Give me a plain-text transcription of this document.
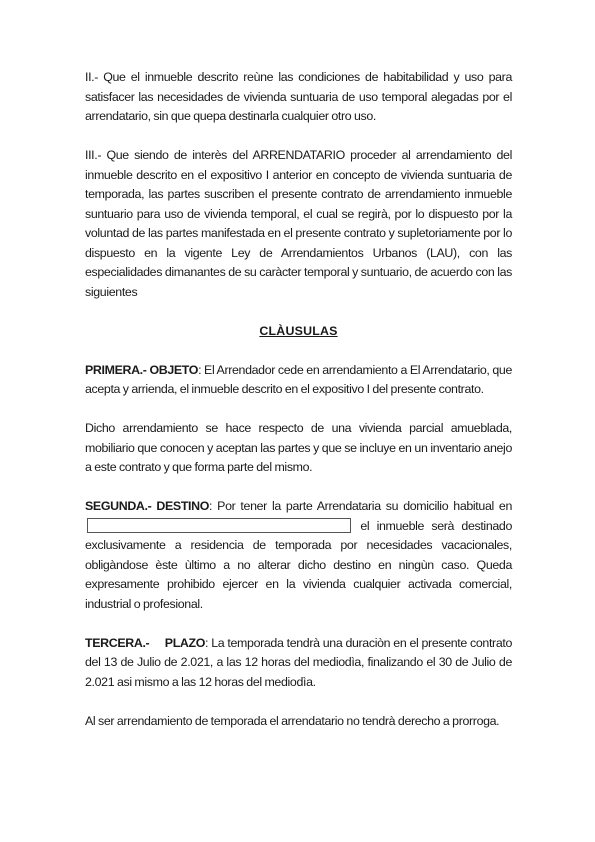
II.- Que el inmueble descrito reùne las condiciones de habitabilidad y uso para satisfacer las necesidades de vivienda suntuaria de uso temporal alegadas por el arrendatario, sin que quepa destinarla cualquier otro uso.

III.- Que siendo de interès del ARRENDATARIO proceder al arrendamiento del inmueble descrito en el expositivo I anterior en concepto de vivienda suntuaria de temporada, las partes suscriben el presente contrato de arrendamiento inmueble suntuario para uso de vivienda temporal, el cual se regirà, por lo dispuesto por la voluntad de las partes manifestada en el presente contrato y supletoriamente por lo dispuesto en la vigente Ley de Arrendamientos Urbanos (LAU), con las especialidades dimanantes de su caràcter temporal y suntuario, de acuerdo con las siguientes

CLÀUSULAS

PRIMERA.- OBJETO: El Arrendador cede en arrendamiento a El Arrendatario, que acepta y arrienda, el inmueble descrito en el expositivo I del presente contrato.

Dicho arrendamiento se hace respecto de una vivienda parcial amueblada, mobiliario que conocen y aceptan las partes y que se incluye en un inventario anejo a este contrato y que forma parte del mismo.

SEGUNDA.- DESTINO: Por tener la parte Arrendataria su domicilio habitual en  el inmueble serà destinado exclusivamente a residencia de temporada por necesidades vacacionales, obligàndose èste ùltimo a no alterar dicho destino en ningùn caso. Queda expresamente prohibido ejercer en la vivienda cualquier activada comercial, industrial o profesional.

TERCERA.-     PLAZO: La temporada tendrà una duraciòn en el presente contrato del 13 de Julio de 2.021, a las 12 horas del mediodìa, finalizando el 30 de Julio de 2.021 asi mismo a las 12 horas del mediodìa.

Al ser arrendamiento de temporada el arrendatario no tendrà derecho a prorroga.
